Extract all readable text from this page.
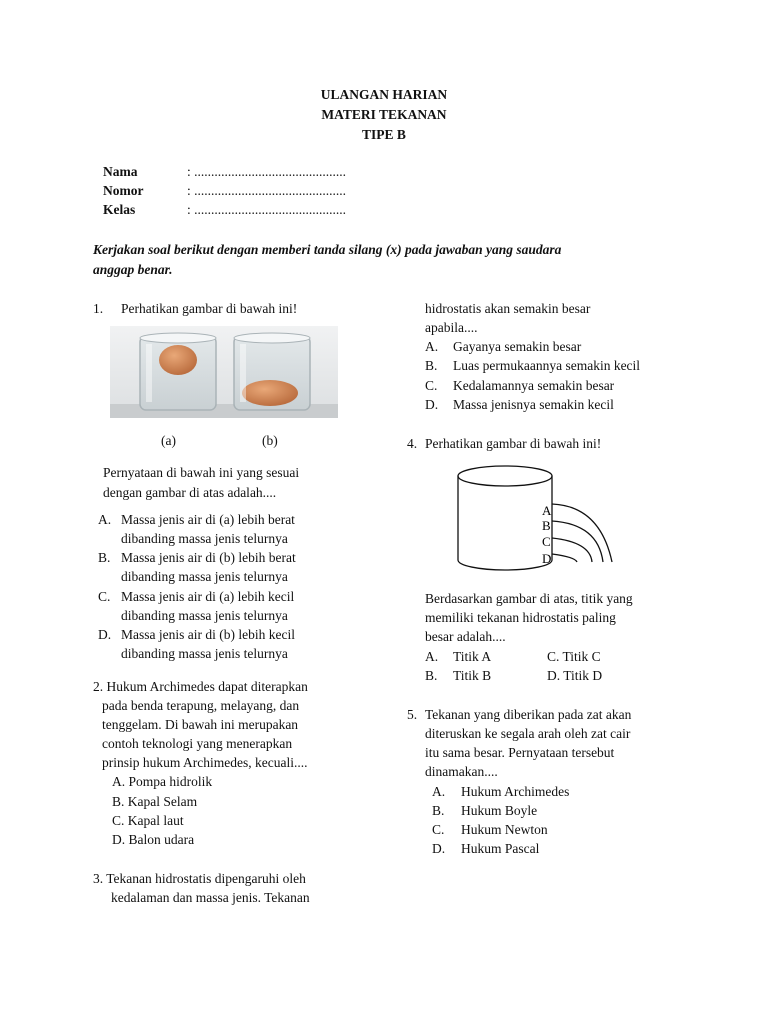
ULANGAN HARIAN
MATERI TEKANAN
TIPE B
Nama	: .............................................
Nomor	: .............................................
Kelas	: .............................................
Kerjakan soal berikut dengan memberi tanda silang (x) pada jawaban yang saudara
anggap benar.
1. Perhatikan gambar di bawah ini!
(a)	(b)
Pernyataan di bawah ini yang sesuai
dengan gambar di atas adalah....
A. Massa jenis air di (a) lebih berat
dibanding massa jenis telurnya
B. Massa jenis air di (b) lebih berat
dibanding massa jenis telurnya
C. Massa jenis air di (a) lebih kecil
dibanding massa jenis telurnya
D. Massa jenis air di (b) lebih kecil
dibanding massa jenis telurnya
2. Hukum Archimedes dapat diterapkan
pada benda terapung, melayang, dan
tenggelam. Di bawah ini merupakan
contoh teknologi yang menerapkan
prinsip hukum Archimedes, kecuali....
A. Pompa hidrolik
B. Kapal Selam
C. Kapal laut
D. Balon udara
3. Tekanan hidrostatis dipengaruhi oleh
kedalaman dan massa jenis. Tekanan
hidrostatis akan semakin besar
apabila....
A. Gayanya semakin besar
B. Luas permukaannya semakin kecil
C. Kedalamannya semakin besar
D. Massa jenisnya semakin kecil
4. Perhatikan gambar di bawah ini!
A
B
C
D
Berdasarkan gambar di atas, titik yang
memiliki tekanan hidrostatis paling
besar adalah....
A. Titik A	C. Titik C
B. Titik B	D. Titik D
5. Tekanan yang diberikan pada zat akan
diteruskan ke segala arah oleh zat cair
itu sama besar. Pernyataan tersebut
dinamakan....
A. Hukum Archimedes
B. Hukum Boyle
C. Hukum Newton
D. Hukum Pascal
